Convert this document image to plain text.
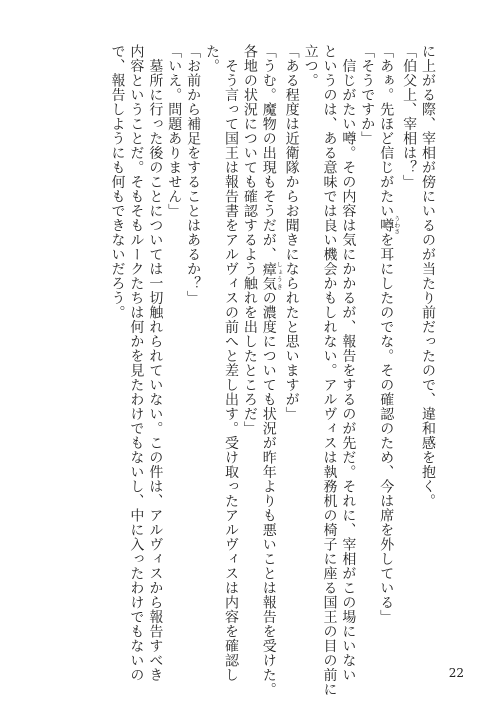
に上がる際、宰相が傍にいるのが当たり前だったので、違和感を抱く。
「伯父上、宰相は？」
「あぁ。先ほど信じがたい噂うわさを耳にしたのでな。その確認のため、今は席を外している」
「そうですか」
　信じがたい噂。その内容は気にかかるが、報告をするのが先だ。それに、宰相がこの場にいない
というのは、ある意味では良い機会かもしれない。アルヴィスは執務机の椅子に座る国王の目の前に
立つ。
「ある程度は近衛隊からお聞きになられたと思いますが」
「うむ。魔物の出現もそうだが、瘴気しょうきの濃度についても状況が昨年よりも悪いことは報告を受けた。
各地の状況についても確認するよう触れを出したところだ」
　そう言って国王は報告書をアルヴィスの前へと差し出す。受け取ったアルヴィスは内容を確認し
た。
「お前から補足をすることはあるか？」
「いえ。問題ありません」
　墓所に行った後のことについては一切触れられていない。この件は、アルヴィスから報告すべき
内容ということだ。そもそもルークたちは何かを見たわけでもないし、中に入ったわけでもないの
で、報告しようにも何もできないだろう。
22
